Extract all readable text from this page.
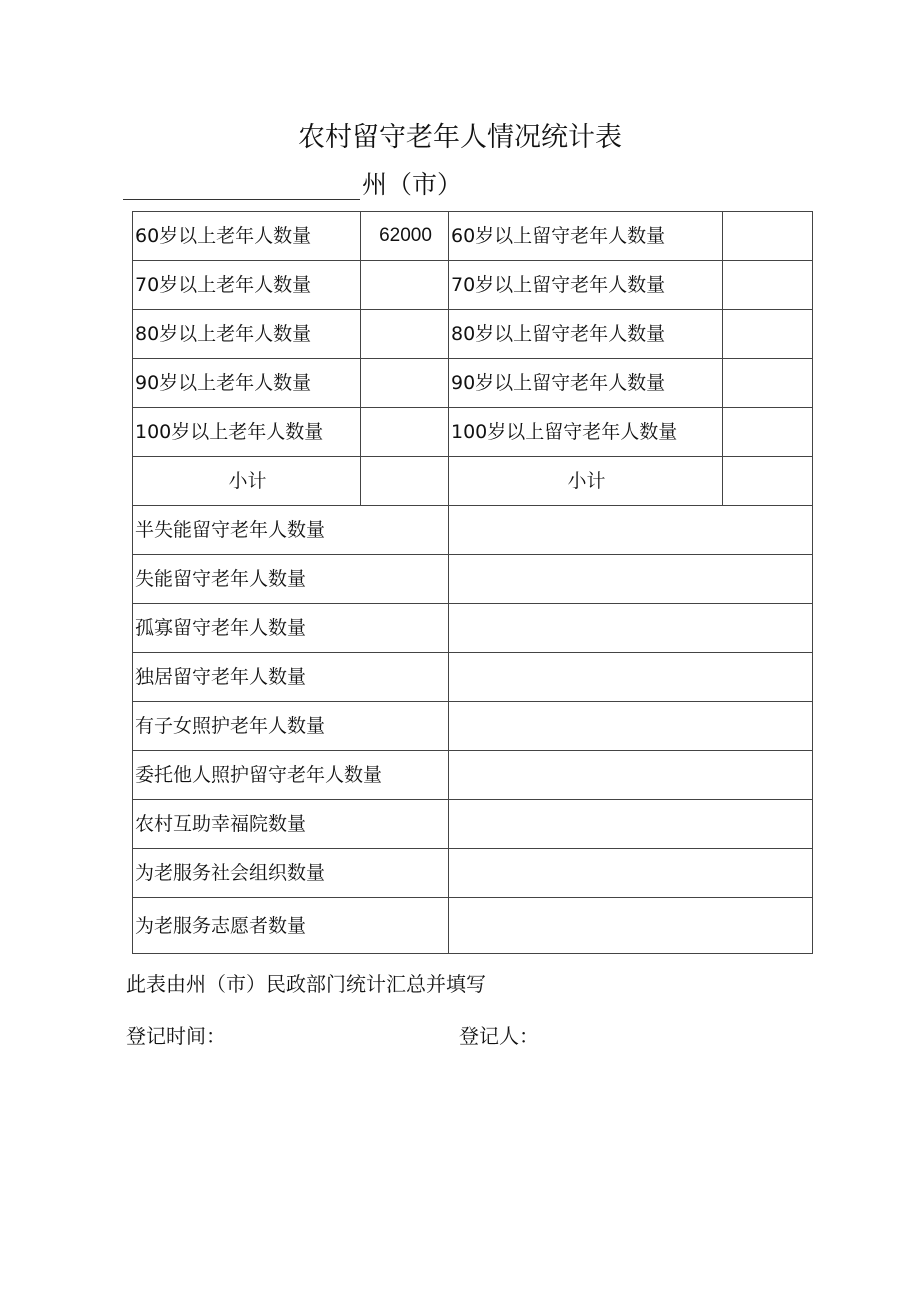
农村留守老年人情况统计表
州（市）
60岁以上老年人数量	62000	60岁以上留守老年人数量	
70岁以上老年人数量		70岁以上留守老年人数量	
80岁以上老年人数量		80岁以上留守老年人数量	
90岁以上老年人数量		90岁以上留守老年人数量	
100岁以上老年人数量		100岁以上留守老年人数量	
小计		小计	
半失能留守老年人数量			
失能留守老年人数量			
孤寡留守老年人数量			
独居留守老年人数量			
有子女照护老年人数量			
委托他人照护留守老年人数量			
农村互助幸福院数量			
为老服务社会组织数量			
为老服务志愿者数量			
此表由州（市）民政部门统计汇总并填写
登记时间：	登记人：
